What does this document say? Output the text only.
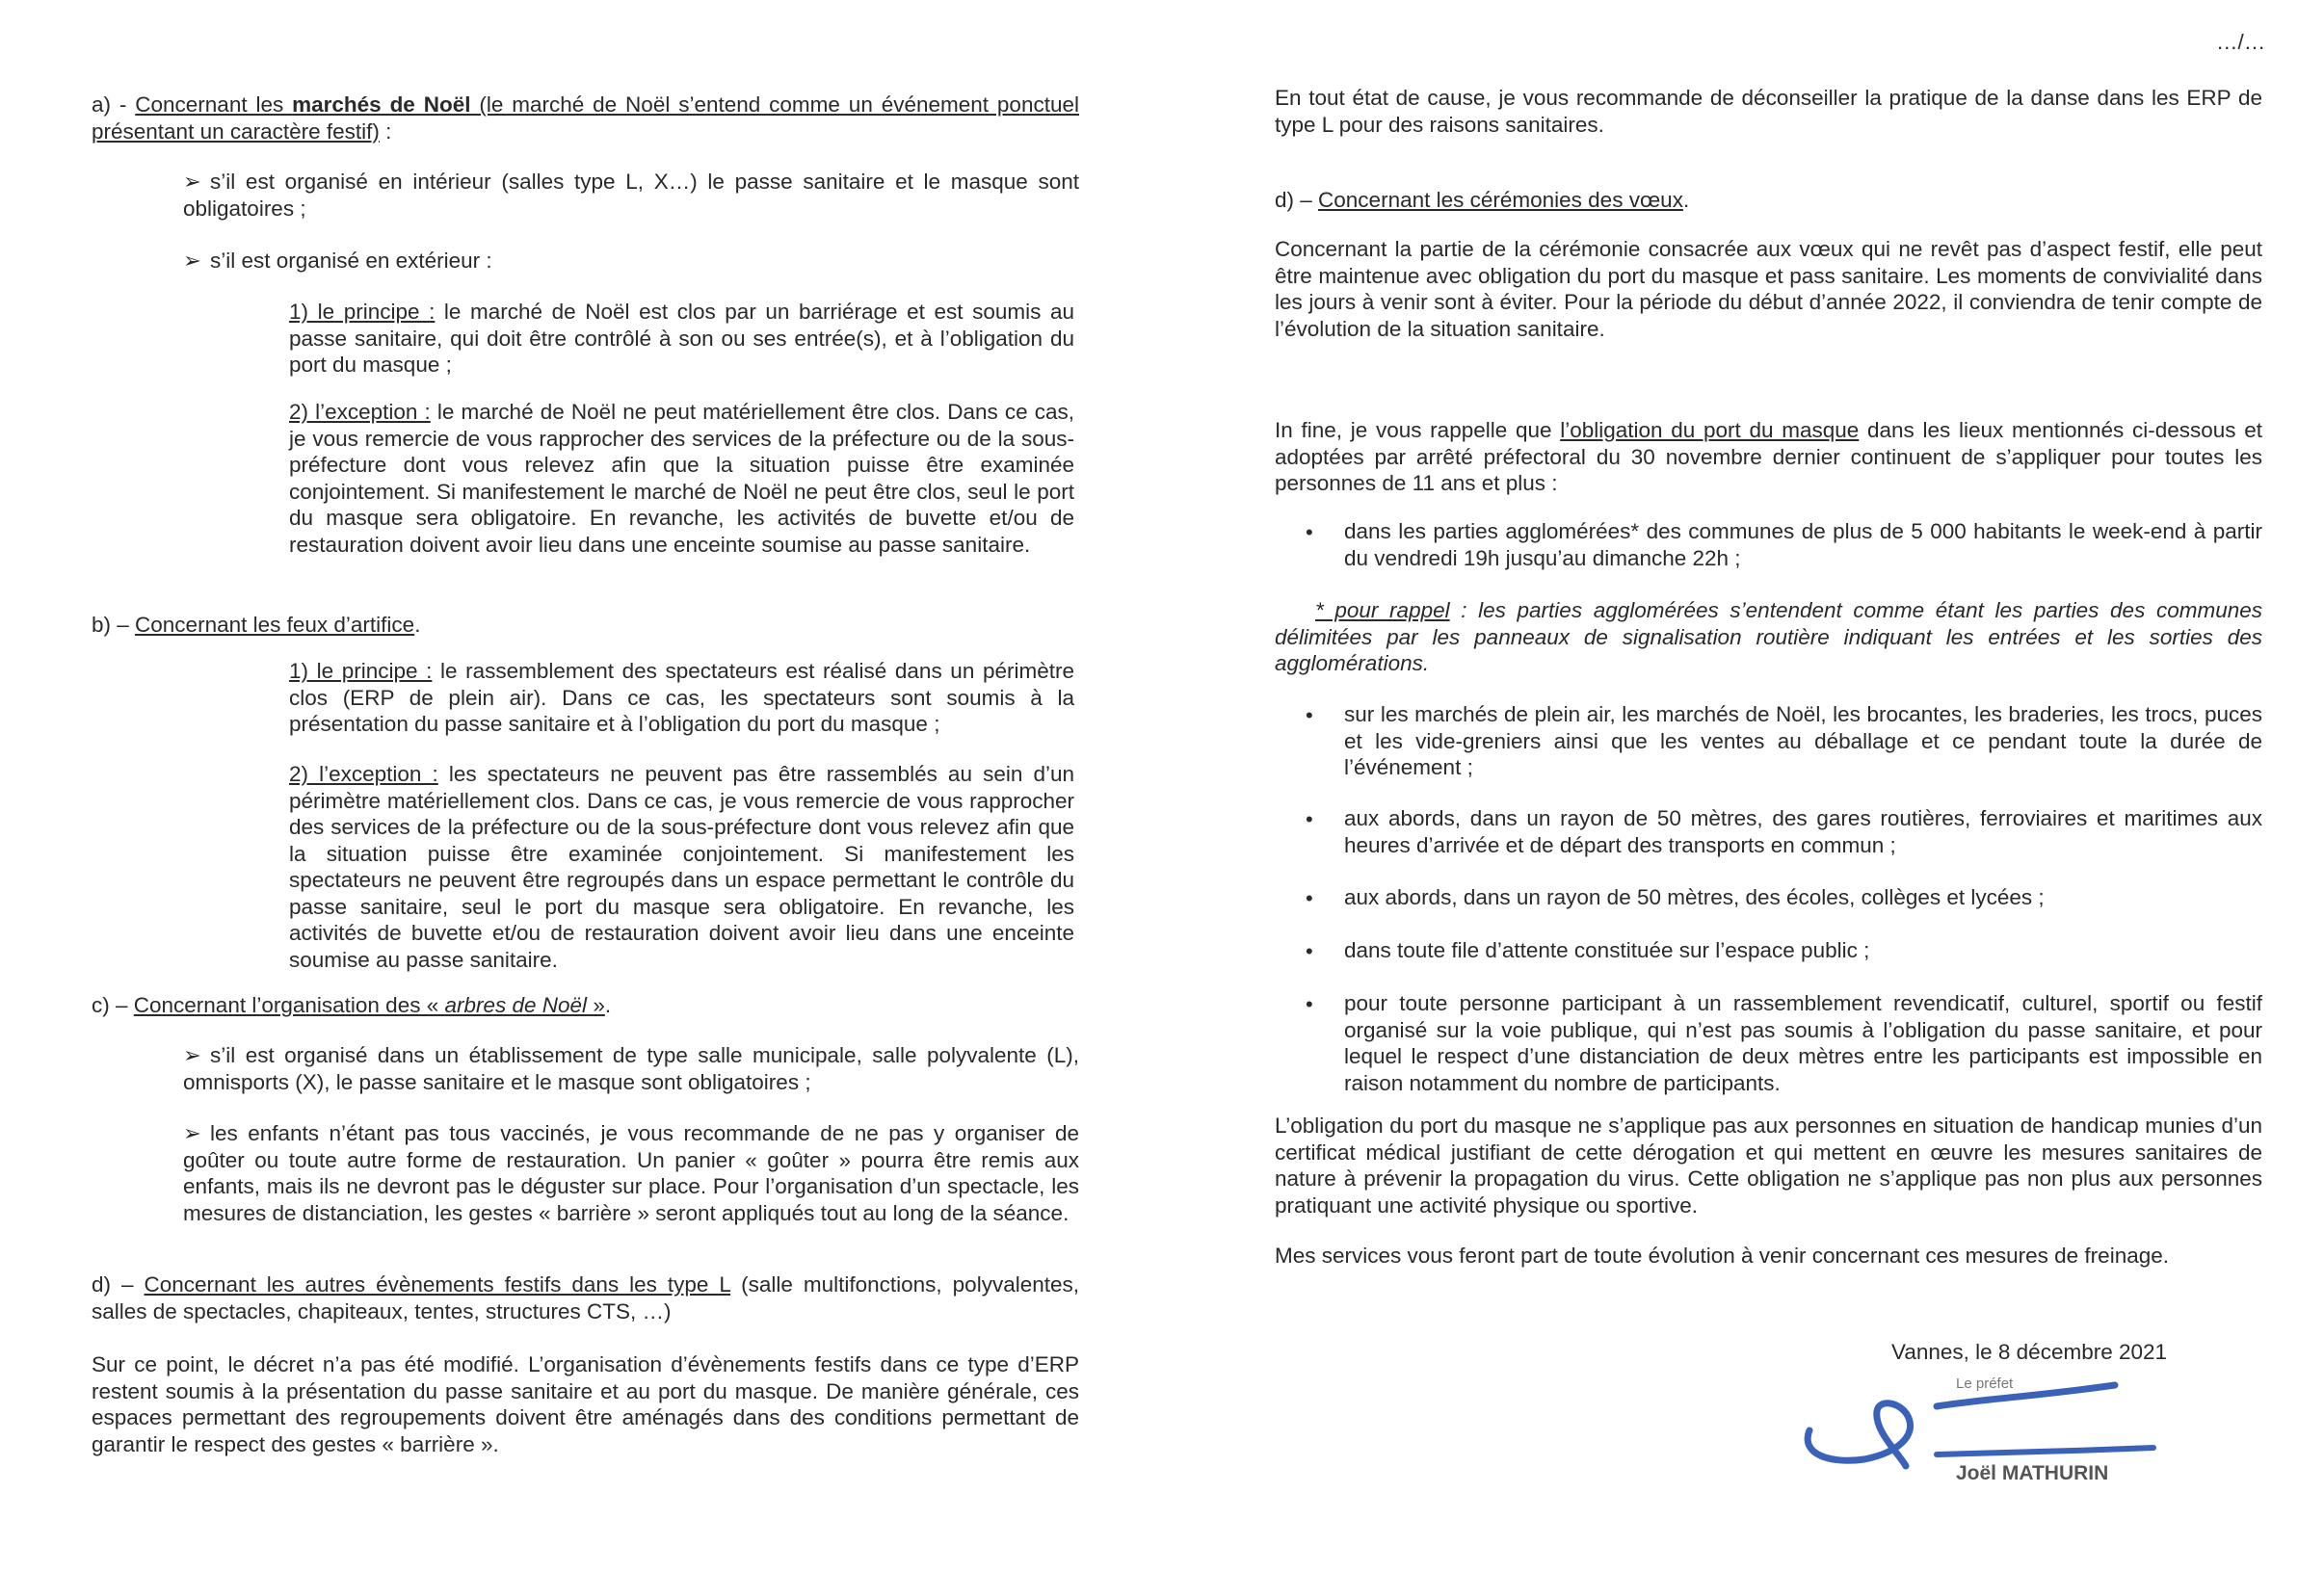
…/…

a) - Concernant les marchés de Noël (le marché de Noël s’entend comme un événement ponctuel présentant un caractère festif) :

➢ s’il est organisé en intérieur (salles type L, X…) le passe sanitaire et le masque sont obligatoires ;

➢ s’il est organisé en extérieur :

1) le principe : le marché de Noël est clos par un barriérage et est soumis au passe sanitaire, qui doit être contrôlé à son ou ses entrée(s), et à l’obligation du port du masque ;

2) l’exception : le marché de Noël ne peut matériellement être clos. Dans ce cas, je vous remercie de vous rapprocher des services de la préfecture ou de la sous-préfecture dont vous relevez afin que la situation puisse être examinée conjointement. Si manifestement le marché de Noël ne peut être clos, seul le port du masque sera obligatoire. En revanche, les activités de buvette et/ou de restauration doivent avoir lieu dans une enceinte soumise au passe sanitaire.

b) – Concernant les feux d’artifice.

1) le principe : le rassemblement des spectateurs est réalisé dans un périmètre clos (ERP de plein air). Dans ce cas, les spectateurs sont soumis à la présentation du passe sanitaire et à l’obligation du port du masque ;

2) l’exception : les spectateurs ne peuvent pas être rassemblés au sein d’un périmètre matériellement clos. Dans ce cas, je vous remercie de vous rapprocher des services de la préfecture ou de la sous-préfecture dont vous relevez afin que la situation puisse être examinée conjointement. Si manifestement les spectateurs ne peuvent être regroupés dans un espace permettant le contrôle du passe sanitaire, seul le port du masque sera obligatoire. En revanche, les activités de buvette et/ou de restauration doivent avoir lieu dans une enceinte soumise au passe sanitaire.

c) – Concernant l’organisation des « arbres de Noël ».

➢ s’il est organisé dans un établissement de type salle municipale, salle polyvalente (L), omnisports (X), le passe sanitaire et le masque sont obligatoires ;

➢ les enfants n’étant pas tous vaccinés, je vous recommande de ne pas y organiser de goûter ou toute autre forme de restauration. Un panier « goûter » pourra être remis aux enfants, mais ils ne devront pas le déguster sur place. Pour l’organisation d’un spectacle, les mesures de distanciation, les gestes « barrière » seront appliqués tout au long de la séance.

d) – Concernant les autres évènements festifs dans les type L (salle multifonctions, polyvalentes, salles de spectacles, chapiteaux, tentes, structures CTS, …)

Sur ce point, le décret n’a pas été modifié. L’organisation d’évènements festifs dans ce type d’ERP restent soumis à la présentation du passe sanitaire et au port du masque. De manière générale, ces espaces permettant des regroupements doivent être aménagés dans des conditions permettant de garantir le respect des gestes « barrière ».

En tout état de cause, je vous recommande de déconseiller la pratique de la danse dans les ERP de type L pour des raisons sanitaires.

d) – Concernant les cérémonies des vœux.

Concernant la partie de la cérémonie consacrée aux vœux qui ne revêt pas d’aspect festif, elle peut être maintenue avec obligation du port du masque et pass sanitaire. Les moments de convivialité dans les jours à venir sont à éviter. Pour la période du début d’année 2022, il conviendra de tenir compte de l’évolution de la situation sanitaire.

In fine, je vous rappelle que l’obligation du port du masque dans les lieux mentionnés ci-dessous et adoptées par arrêté préfectoral du 30 novembre dernier continuent de s’appliquer pour toutes les personnes de 11 ans et plus :

• dans les parties agglomérées* des communes de plus de 5 000 habitants le week-end à partir du vendredi 19h jusqu’au dimanche 22h ;

* pour rappel : les parties agglomérées s’entendent comme étant les parties des communes délimitées par les panneaux de signalisation routière indiquant les entrées et les sorties des agglomérations.

• sur les marchés de plein air, les marchés de Noël, les brocantes, les braderies, les trocs, puces et les vide-greniers ainsi que les ventes au déballage et ce pendant toute la durée de l’événement ;

• aux abords, dans un rayon de 50 mètres, des gares routières, ferroviaires et maritimes aux heures d’arrivée et de départ des transports en commun ;

• aux abords, dans un rayon de 50 mètres, des écoles, collèges et lycées ;

• dans toute file d’attente constituée sur l’espace public ;

• pour toute personne participant à un rassemblement revendicatif, culturel, sportif ou festif organisé sur la voie publique, qui n’est pas soumis à l’obligation du passe sanitaire, et pour lequel le respect d’une distanciation de deux mètres entre les participants est impossible en raison notamment du nombre de participants.

L’obligation du port du masque ne s’applique pas aux personnes en situation de handicap munies d’un certificat médical justifiant de cette dérogation et qui mettent en œuvre les mesures sanitaires de nature à prévenir la propagation du virus. Cette obligation ne s’applique pas non plus aux personnes pratiquant une activité physique ou sportive.

Mes services vous feront part de toute évolution à venir concernant ces mesures de freinage.

Vannes, le 8 décembre 2021

Le préfet
Joël MATHURIN
